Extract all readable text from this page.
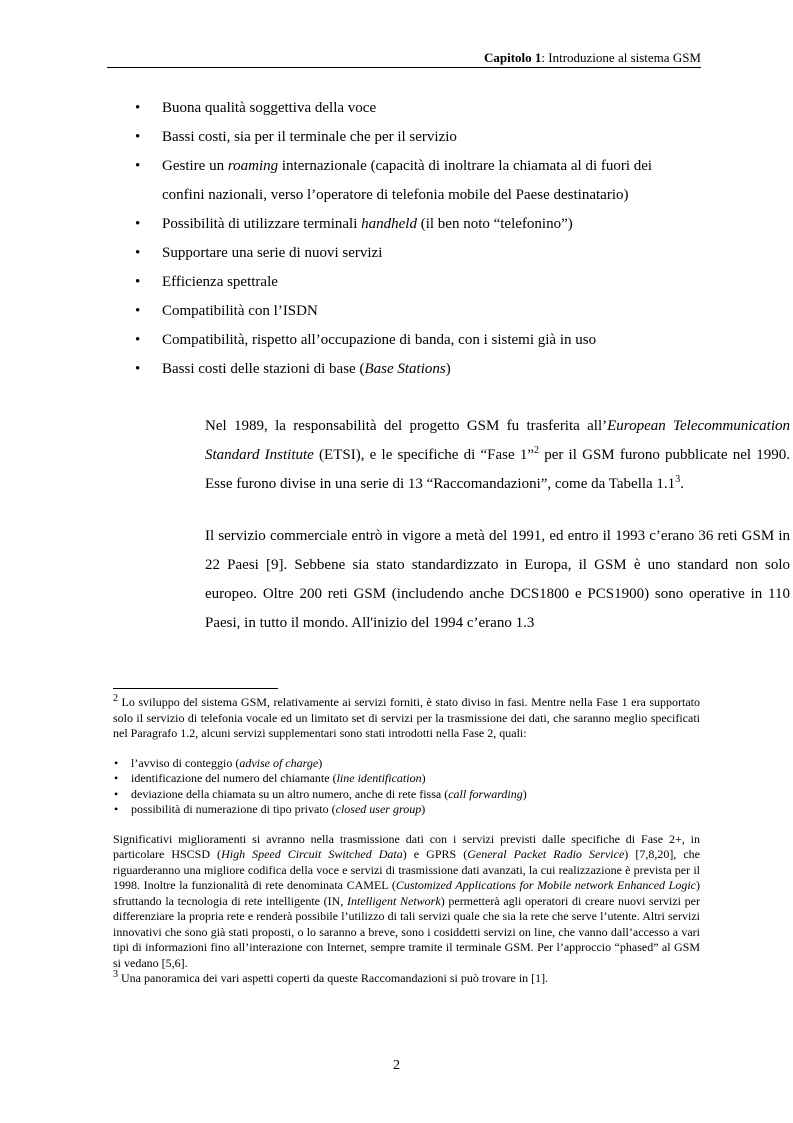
Capitolo 1: Introduzione al sistema GSM
• Buona qualità soggettiva della voce
• Bassi costi, sia per il terminale che per il servizio
• Gestire un roaming internazionale (capacità di inoltrare la chiamata al di fuori dei
confini nazionali, verso l’operatore di telefonia mobile del Paese destinatario)
• Possibilità di utilizzare terminali handheld (il ben noto “telefonino”)
• Supportare una serie di nuovi servizi
• Efficienza spettrale
• Compatibilità con l’ISDN
• Compatibilità, rispetto all’occupazione di banda, con i sistemi già in uso
• Bassi costi delle stazioni di base (Base Stations)

Nel 1989, la responsabilità del progetto GSM fu trasferita all’European Telecommunication Standard Institute (ETSI), e le specifiche di “Fase 1”$^2$ per il GSM furono pubblicate nel 1990. Esse furono divise in una serie di 13 “Raccomandazioni”, come da Tabella $1.1^3$.

Il servizio commerciale entrò in vigore a metà del 1991, ed entro il 1993 c’erano 36 reti GSM in 22 Paesi [9]. Sebbene sia stato standardizzato in Europa, il GSM è uno standard non solo europeo. Oltre 200 reti GSM (includendo anche DCS1800 e PCS1900) sono operative in 110 Paesi, in tutto il mondo. All'inizio del 1994 c’erano 1.3

$^2$ Lo sviluppo del sistema GSM, relativamente ai servizi forniti, è stato diviso in fasi. Mentre nella Fase 1 era supportato solo il servizio di telefonia vocale ed un limitato set di servizi per la trasmissione dei dati, che saranno meglio specificati nel Paragrafo 1.2, alcuni servizi supplementari sono stati introdotti nella Fase 2, quali:

• l’avviso di conteggio (advise of charge)
• identificazione del numero del chiamante (line identification)
• deviazione della chiamata su un altro numero, anche di rete fissa (call forwarding)
• possibilità di numerazione di tipo privato (closed user group)

Significativi miglioramenti si avranno nella trasmissione dati con i servizi previsti dalle specifiche di Fase 2+, in particolare HSCSD (High Speed Circuit Switched Data) e GPRS (General Packet Radio Service) [7,8,20], che riguarderanno una migliore codifica della voce e servizi di trasmissione dati avanzati, la cui realizzazione è prevista per il 1998. Inoltre la funzionalità di rete denominata CAMEL (Customized Applications for Mobile network Enhanced Logic) sfruttando la tecnologia di rete intelligente (IN, Intelligent Network) permetterà agli operatori di creare nuovi servizi per differenziare la propria rete e renderà possibile l’utilizzo di tali servizi quale che sia la rete che serve l’utente. Altri servizi innovativi che sono già stati proposti, o lo saranno a breve, sono i cosiddetti servizi on line, che vanno dall’accesso a vari tipi di informazioni fino all’interazione con Internet, sempre tramite il terminale GSM. Per l’approccio “phased” al GSM si vedano [5,6].

$^3$ Una panoramica dei vari aspetti coperti da queste Raccomandazioni si può trovare in [1].

2
